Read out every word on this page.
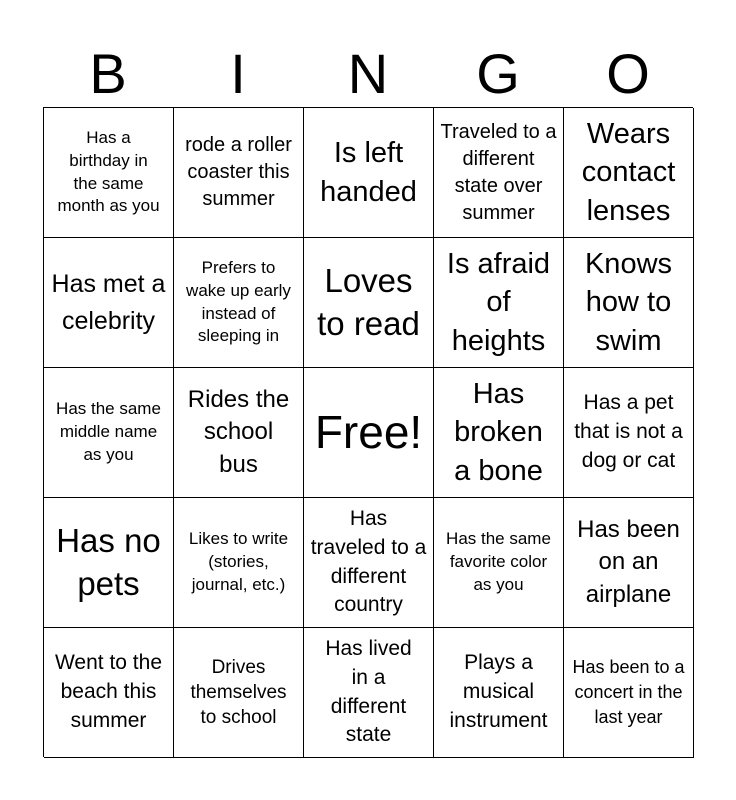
B	I	N	G	O
Has a birthday in the same month as you
rode a roller coaster this summer
Is left handed
Traveled to a different state over summer
Wears contact lenses
Has met a celebrity
Prefers to wake up early instead of sleeping in
Loves to read
Is afraid of heights
Knows how to swim
Has the same middle name as you
Rides the school bus
Free!
Has broken a bone
Has a pet that is not a dog or cat
Has no pets
Likes to write (stories, journal, etc.)
Has traveled to a different country
Has the same favorite color as you
Has been on an airplane
Went to the beach this summer
Drives themselves to school
Has lived in a different state
Plays a musical instrument
Has been to a concert in the last year
